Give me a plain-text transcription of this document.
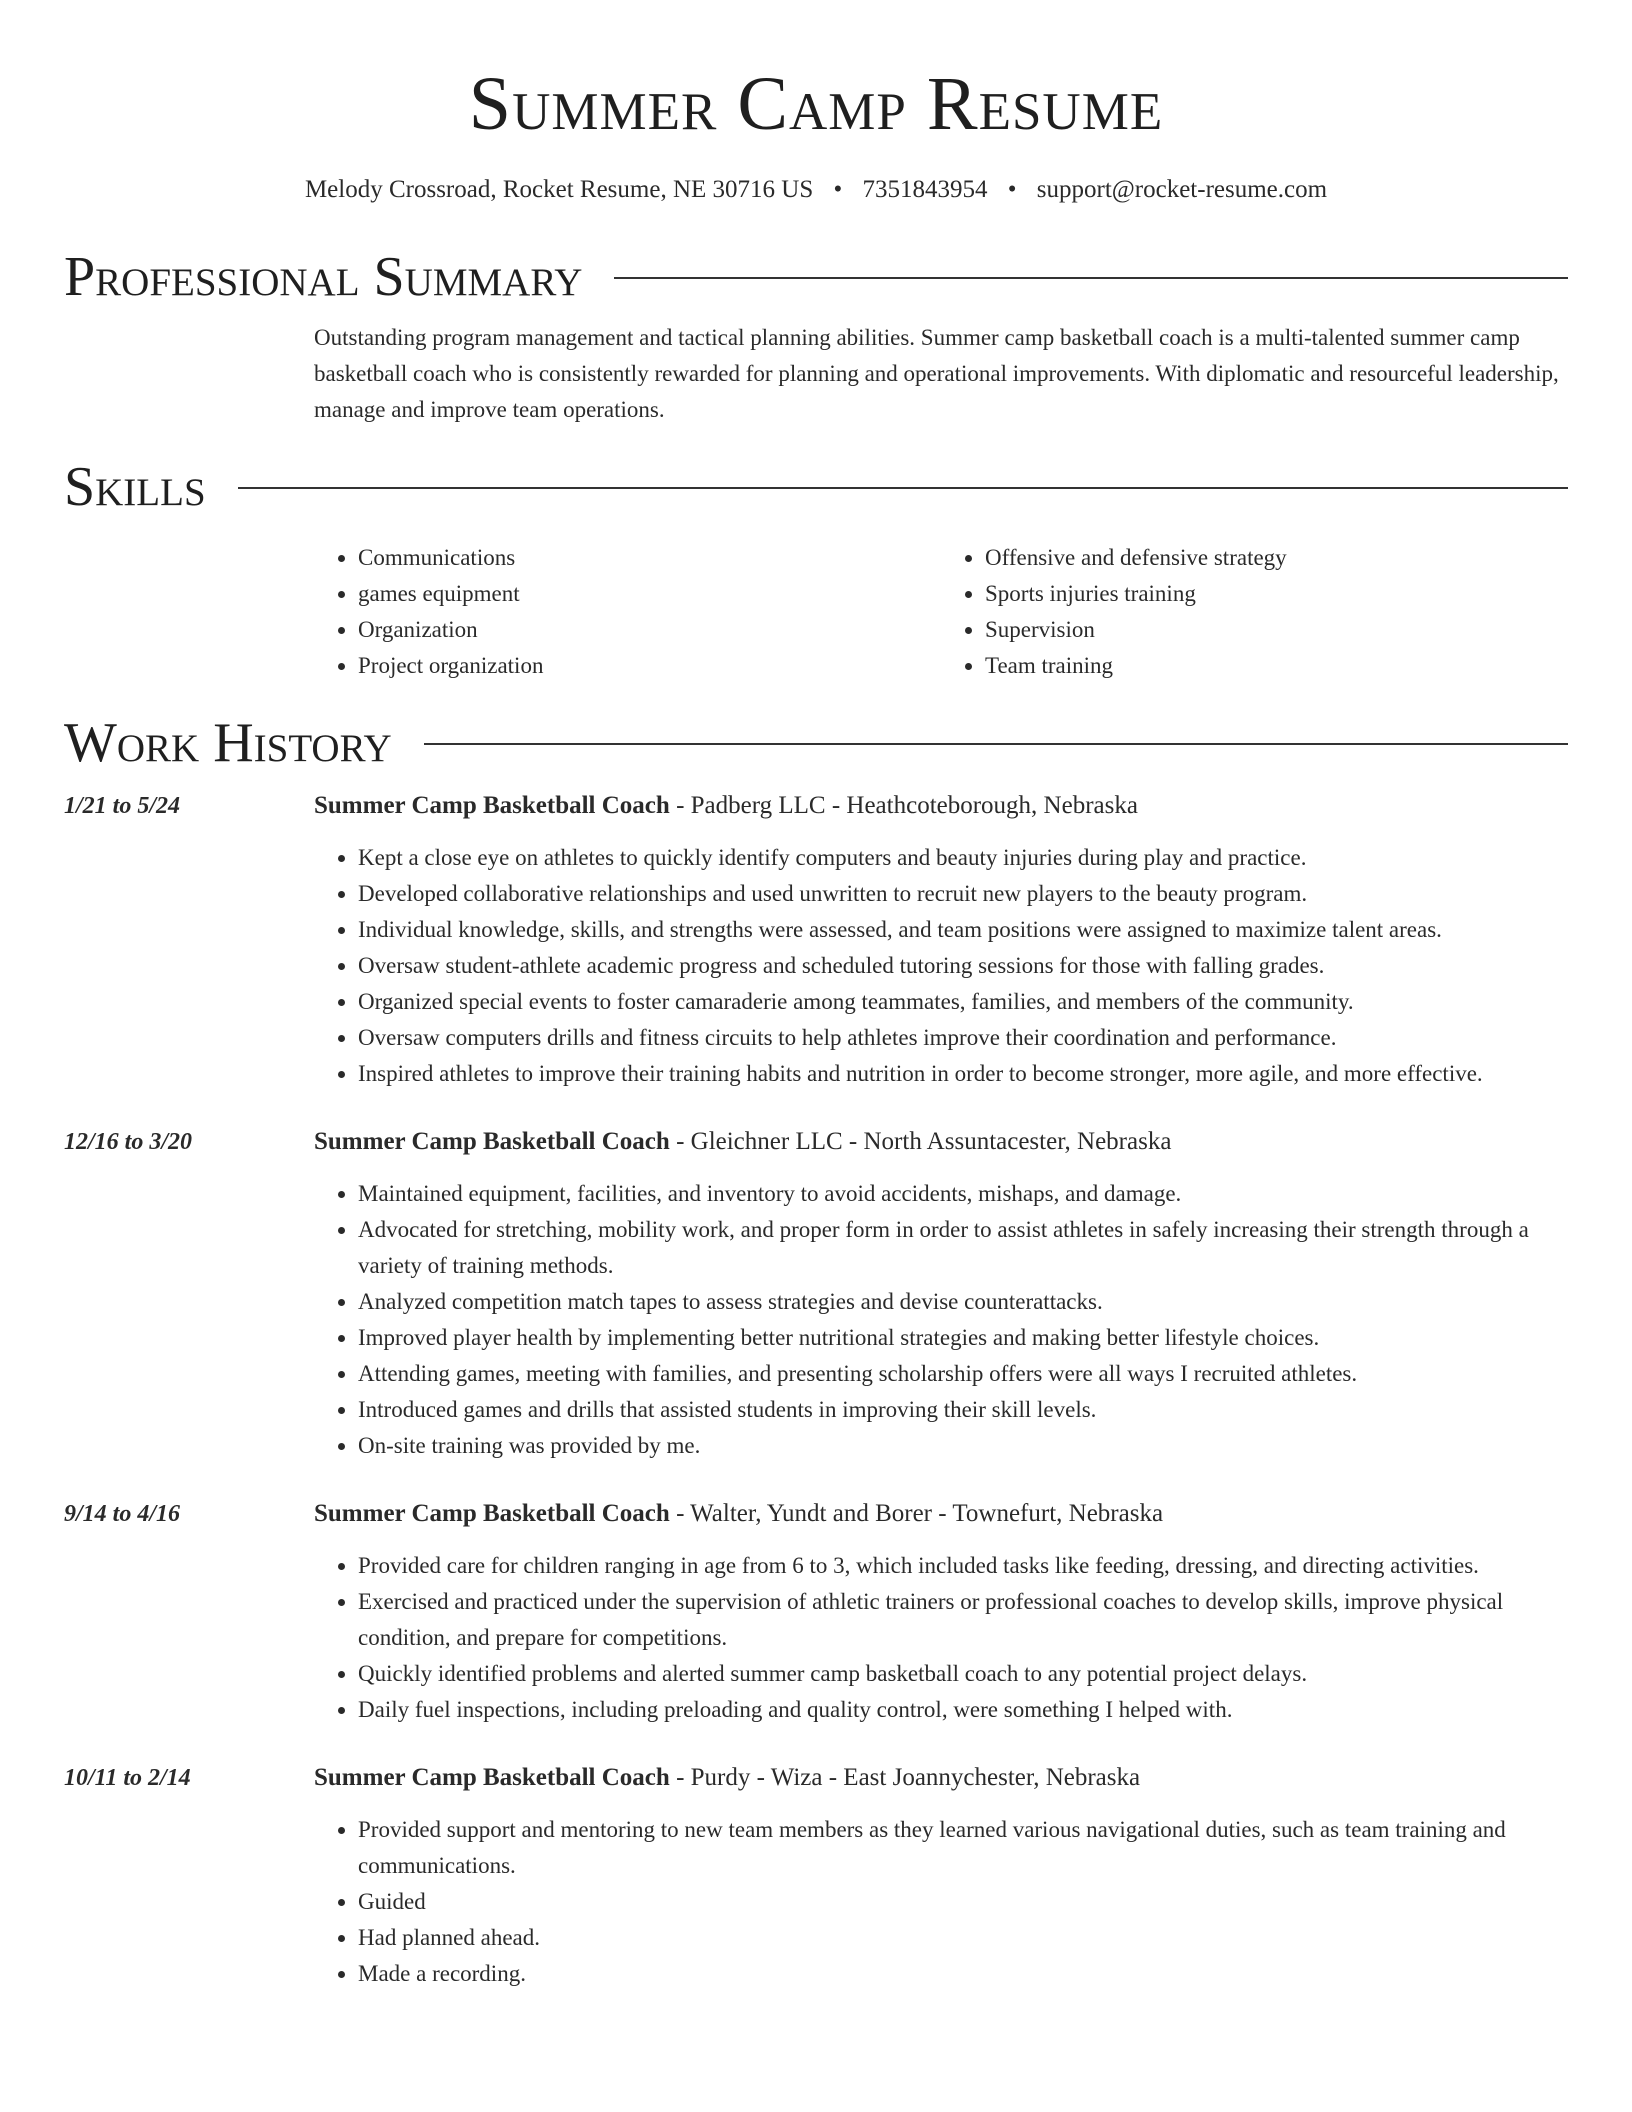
Summer Camp Resume
Melody Crossroad, Rocket Resume, NE 30716 US • 7351843954 • support@rocket-resume.com
Professional Summary
Outstanding program management and tactical planning abilities. Summer camp basketball coach is a multi-talented summer camp basketball coach who is consistently rewarded for planning and operational improvements. With diplomatic and resourceful leadership, manage and improve team operations.
Skills
• Communications
• games equipment
• Organization
• Project organization
• Offensive and defensive strategy
• Sports injuries training
• Supervision
• Team training
Work History
1/21 to 5/24	Summer Camp Basketball Coach - Padberg LLC - Heathcoteborough, Nebraska
• Kept a close eye on athletes to quickly identify computers and beauty injuries during play and practice.
• Developed collaborative relationships and used unwritten to recruit new players to the beauty program.
• Individual knowledge, skills, and strengths were assessed, and team positions were assigned to maximize talent areas.
• Oversaw student-athlete academic progress and scheduled tutoring sessions for those with falling grades.
• Organized special events to foster camaraderie among teammates, families, and members of the community.
• Oversaw computers drills and fitness circuits to help athletes improve their coordination and performance.
• Inspired athletes to improve their training habits and nutrition in order to become stronger, more agile, and more effective.
12/16 to 3/20	Summer Camp Basketball Coach - Gleichner LLC - North Assuntacester, Nebraska
• Maintained equipment, facilities, and inventory to avoid accidents, mishaps, and damage.
• Advocated for stretching, mobility work, and proper form in order to assist athletes in safely increasing their strength through a variety of training methods.
• Analyzed competition match tapes to assess strategies and devise counterattacks.
• Improved player health by implementing better nutritional strategies and making better lifestyle choices.
• Attending games, meeting with families, and presenting scholarship offers were all ways I recruited athletes.
• Introduced games and drills that assisted students in improving their skill levels.
• On-site training was provided by me.
9/14 to 4/16	Summer Camp Basketball Coach - Walter, Yundt and Borer - Townefurt, Nebraska
• Provided care for children ranging in age from 6 to 3, which included tasks like feeding, dressing, and directing activities.
• Exercised and practiced under the supervision of athletic trainers or professional coaches to develop skills, improve physical condition, and prepare for competitions.
• Quickly identified problems and alerted summer camp basketball coach to any potential project delays.
• Daily fuel inspections, including preloading and quality control, were something I helped with.
10/11 to 2/14	Summer Camp Basketball Coach - Purdy - Wiza - East Joannychester, Nebraska
• Provided support and mentoring to new team members as they learned various navigational duties, such as team training and communications.
• Guided
• Had planned ahead.
• Made a recording.
